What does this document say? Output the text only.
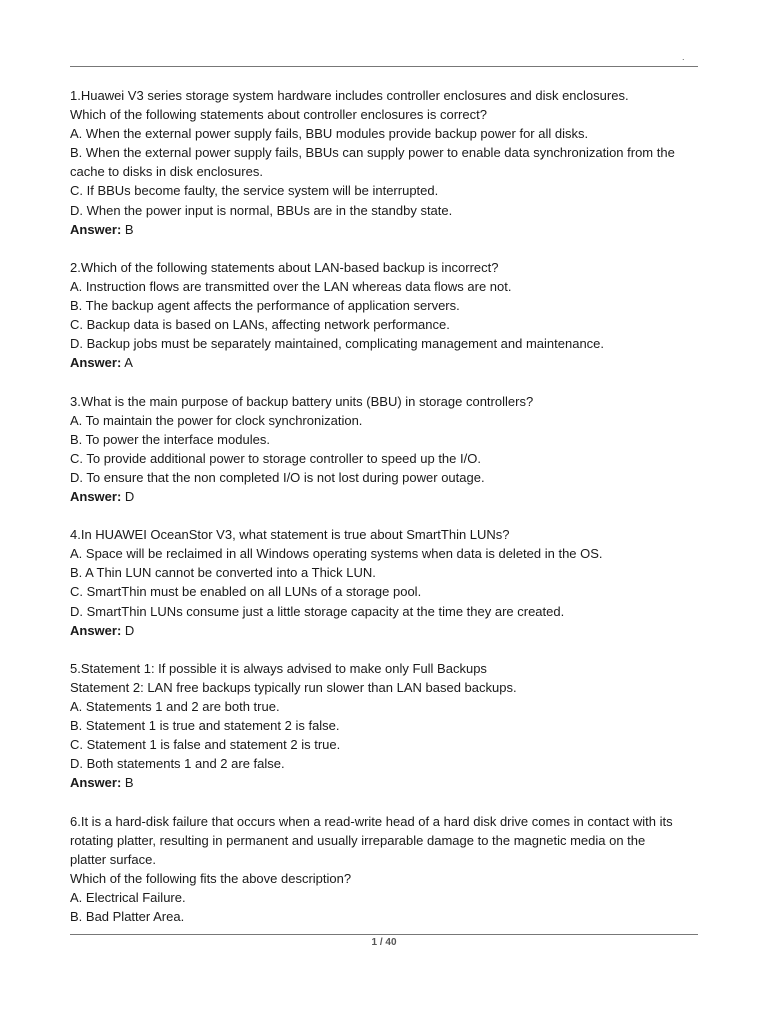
.
1.Huawei V3 series storage system hardware includes controller enclosures and disk enclosures.
Which of the following statements about controller enclosures is correct?
A. When the external power supply fails, BBU modules provide backup power for all disks.
B. When the external power supply fails, BBUs can supply power to enable data synchronization from the
cache to disks in disk enclosures.
C. If BBUs become faulty, the service system will be interrupted.
D. When the power input is normal, BBUs are in the standby state.
Answer: B
2.Which of the following statements about LAN-based backup is incorrect?
A. Instruction flows are transmitted over the LAN whereas data flows are not.
B. The backup agent affects the performance of application servers.
C. Backup data is based on LANs, affecting network performance.
D. Backup jobs must be separately maintained, complicating management and maintenance.
Answer: A
3.What is the main purpose of backup battery units (BBU) in storage controllers?
A. To maintain the power for clock synchronization.
B. To power the interface modules.
C. To provide additional power to storage controller to speed up the I/O.
D. To ensure that the non completed I/O is not lost during power outage.
Answer: D
4.In HUAWEI OceanStor V3, what statement is true about SmartThin LUNs?
A. Space will be reclaimed in all Windows operating systems when data is deleted in the OS.
B. A Thin LUN cannot be converted into a Thick LUN.
C. SmartThin must be enabled on all LUNs of a storage pool.
D. SmartThin LUNs consume just a little storage capacity at the time they are created.
Answer: D
5.Statement 1: If possible it is always advised to make only Full Backups
Statement 2: LAN free backups typically run slower than LAN based backups.
A. Statements 1 and 2 are both true.
B. Statement 1 is true and statement 2 is false.
C. Statement 1 is false and statement 2 is true.
D. Both statements 1 and 2 are false.
Answer: B
6.It is a hard-disk failure that occurs when a read-write head of a hard disk drive comes in contact with its
rotating platter, resulting in permanent and usually irreparable damage to the magnetic media on the
platter surface.
Which of the following fits the above description?
A. Electrical Failure.
B. Bad Platter Area.
1 / 40
